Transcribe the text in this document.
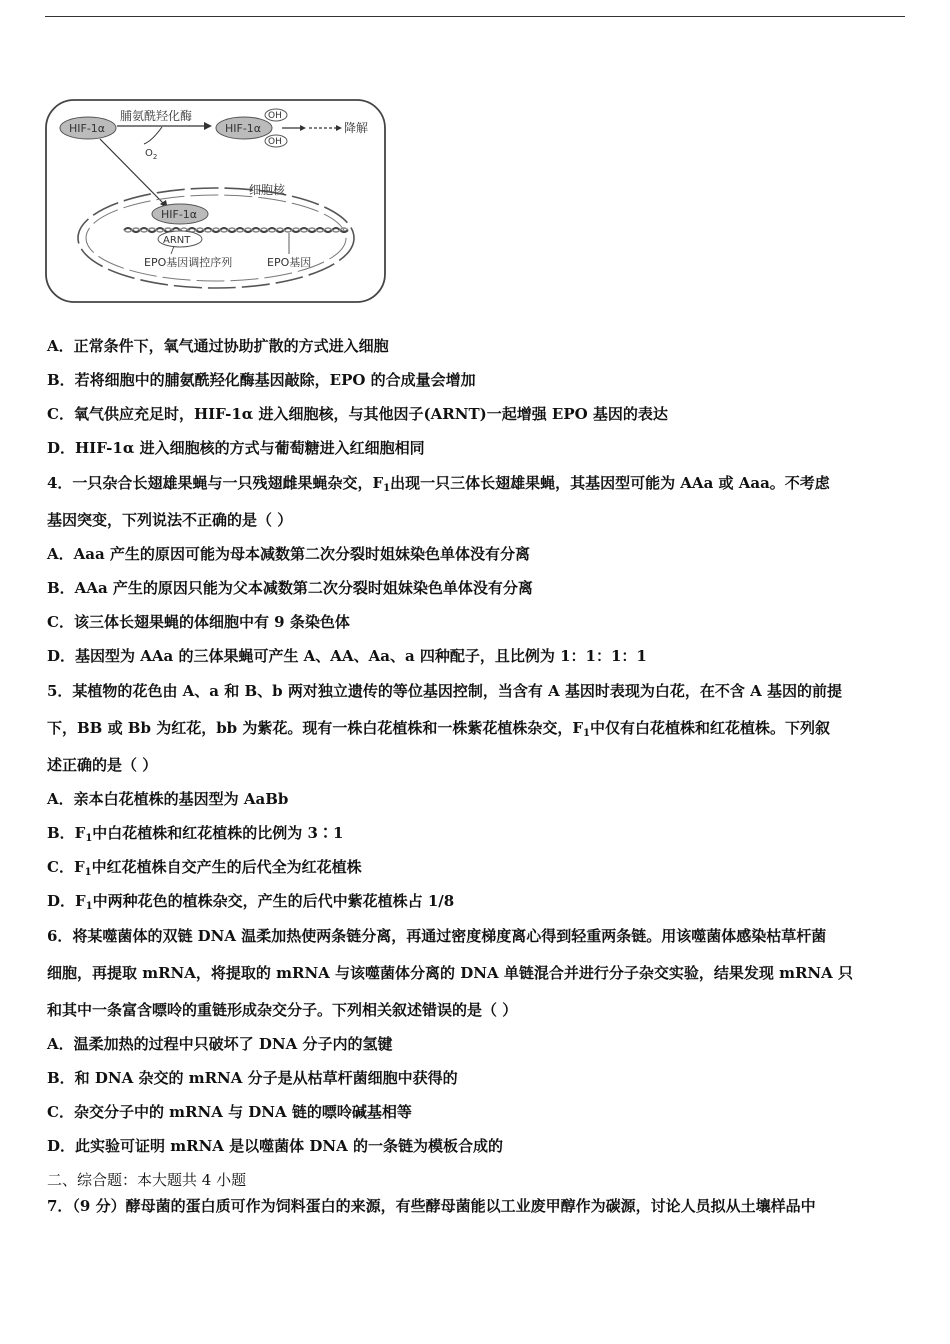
HIF-1α
脯氨酰羟化酶
$O_2$
HIF-1α
OH
OH
降解
细胞核
HIF-1α
ARNT
EPO基因调控序列	EPO基因
A．正常条件下，氧气通过协助扩散的方式进入细胞
B．若将细胞中的脯氨酰羟化酶基因敲除，EPO 的合成量会增加
C．氧气供应充足时，HIF-1α 进入细胞核，与其他因子(ARNT)一起增强 EPO 基因的表达
D．HIF-1α 进入细胞核的方式与葡萄糖进入红细胞相同
4．一只杂合长翅雄果蝇与一只残翅雌果蝇杂交，$F_1$出现一只三体长翅雄果蝇，其基因型可能为 AAa 或 Aaa。不考虑
基因突变，下列说法不正确的是（ ）
A．Aaa 产生的原因可能为母本减数第二次分裂时姐妹染色单体没有分离
B．AAa 产生的原因只能为父本减数第二次分裂时姐妹染色单体没有分离
C．该三体长翅果蝇的体细胞中有 9 条染色体
D．基因型为 AAa 的三体果蝇可产生 A、AA、Aa、a 四种配子，且比例为 1：1：1：1
5．某植物的花色由 A、a 和 B、b 两对独立遗传的等位基因控制，当含有 A 基因时表现为白花，在不含 A 基因的前提
下，BB 或 Bb 为红花，bb 为紫花。现有一株白花植株和一株紫花植株杂交，$F_1$中仅有白花植株和红花植株。下列叙
述正确的是（ ）
A．亲本白花植株的基因型为 AaBb
B．$F_1$中白花植株和红花植株的比例为 3∶1
C．$F_1$中红花植株自交产生的后代全为红花植株
D．$F_1$中两种花色的植株杂交，产生的后代中紫花植株占 1/8
6．将某噬菌体的双链 DNA 温柔加热使两条链分离，再通过密度梯度离心得到轻重两条链。用该噬菌体感染枯草杆菌
细胞，再提取 mRNA，将提取的 mRNA 与该噬菌体分离的 DNA 单链混合并进行分子杂交实验，结果发现 mRNA 只
和其中一条富含嘌呤的重链形成杂交分子。下列相关叙述错误的是（ ）
A．温柔加热的过程中只破坏了 DNA 分子内的氢键
B．和 DNA 杂交的 mRNA 分子是从枯草杆菌细胞中获得的
C．杂交分子中的 mRNA 与 DNA 链的嘌呤碱基相等
D．此实验可证明 mRNA 是以噬菌体 DNA 的一条链为模板合成的
二、综合题：本大题共 4 小题
7．（9 分）酵母菌的蛋白质可作为饲料蛋白的来源，有些酵母菌能以工业废甲醇作为碳源，讨论人员拟从土壤样品中
